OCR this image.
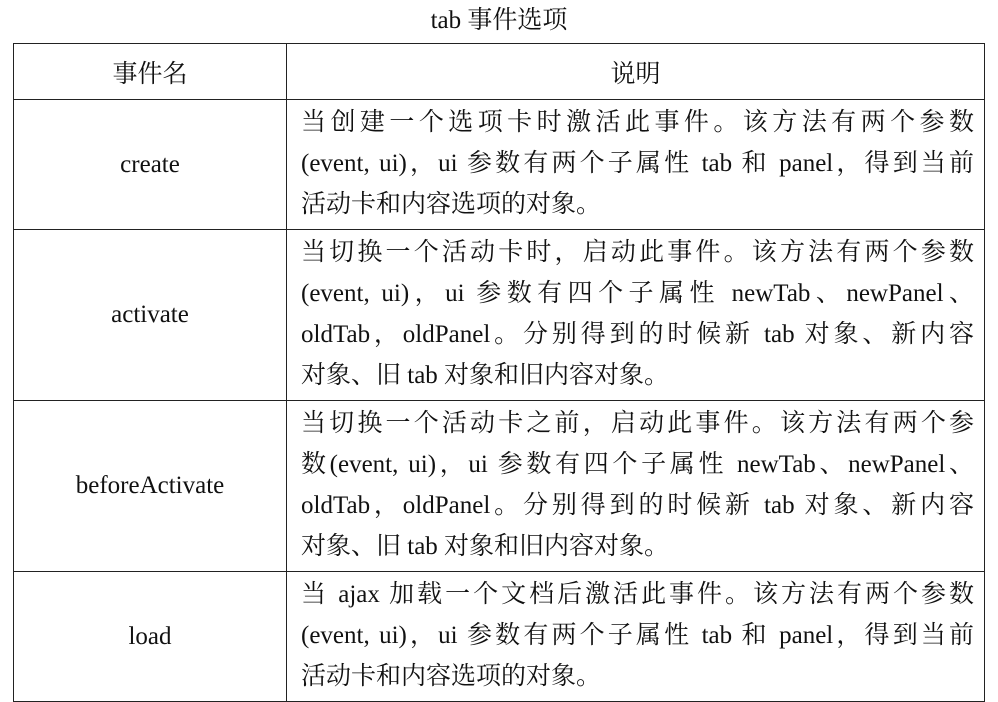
tab 事件选项
事件名	说明
create	当创建一个选项卡时激活此事件。该方法有两个参数
(event, ui)，ui 参数有两个子属性 tab 和 panel，得到当前
活动卡和内容选项的对象。

activate	当切换一个活动卡时，启动此事件。该方法有两个参数
(event, ui)，ui 参数有四个子属性 newTab、newPanel、
oldTab，oldPanel。分别得到的时候新 tab 对象、新内容
对象、旧 tab 对象和旧内容对象。

beforeActivate	当切换一个活动卡之前，启动此事件。该方法有两个参
数(event, ui)，ui 参数有四个子属性 newTab、newPanel、
oldTab，oldPanel。分别得到的时候新 tab 对象、新内容
对象、旧 tab 对象和旧内容对象。

load	当 ajax 加载一个文档后激活此事件。该方法有两个参数
(event, ui)，ui 参数有两个子属性 tab 和 panel，得到当前
活动卡和内容选项的对象。
